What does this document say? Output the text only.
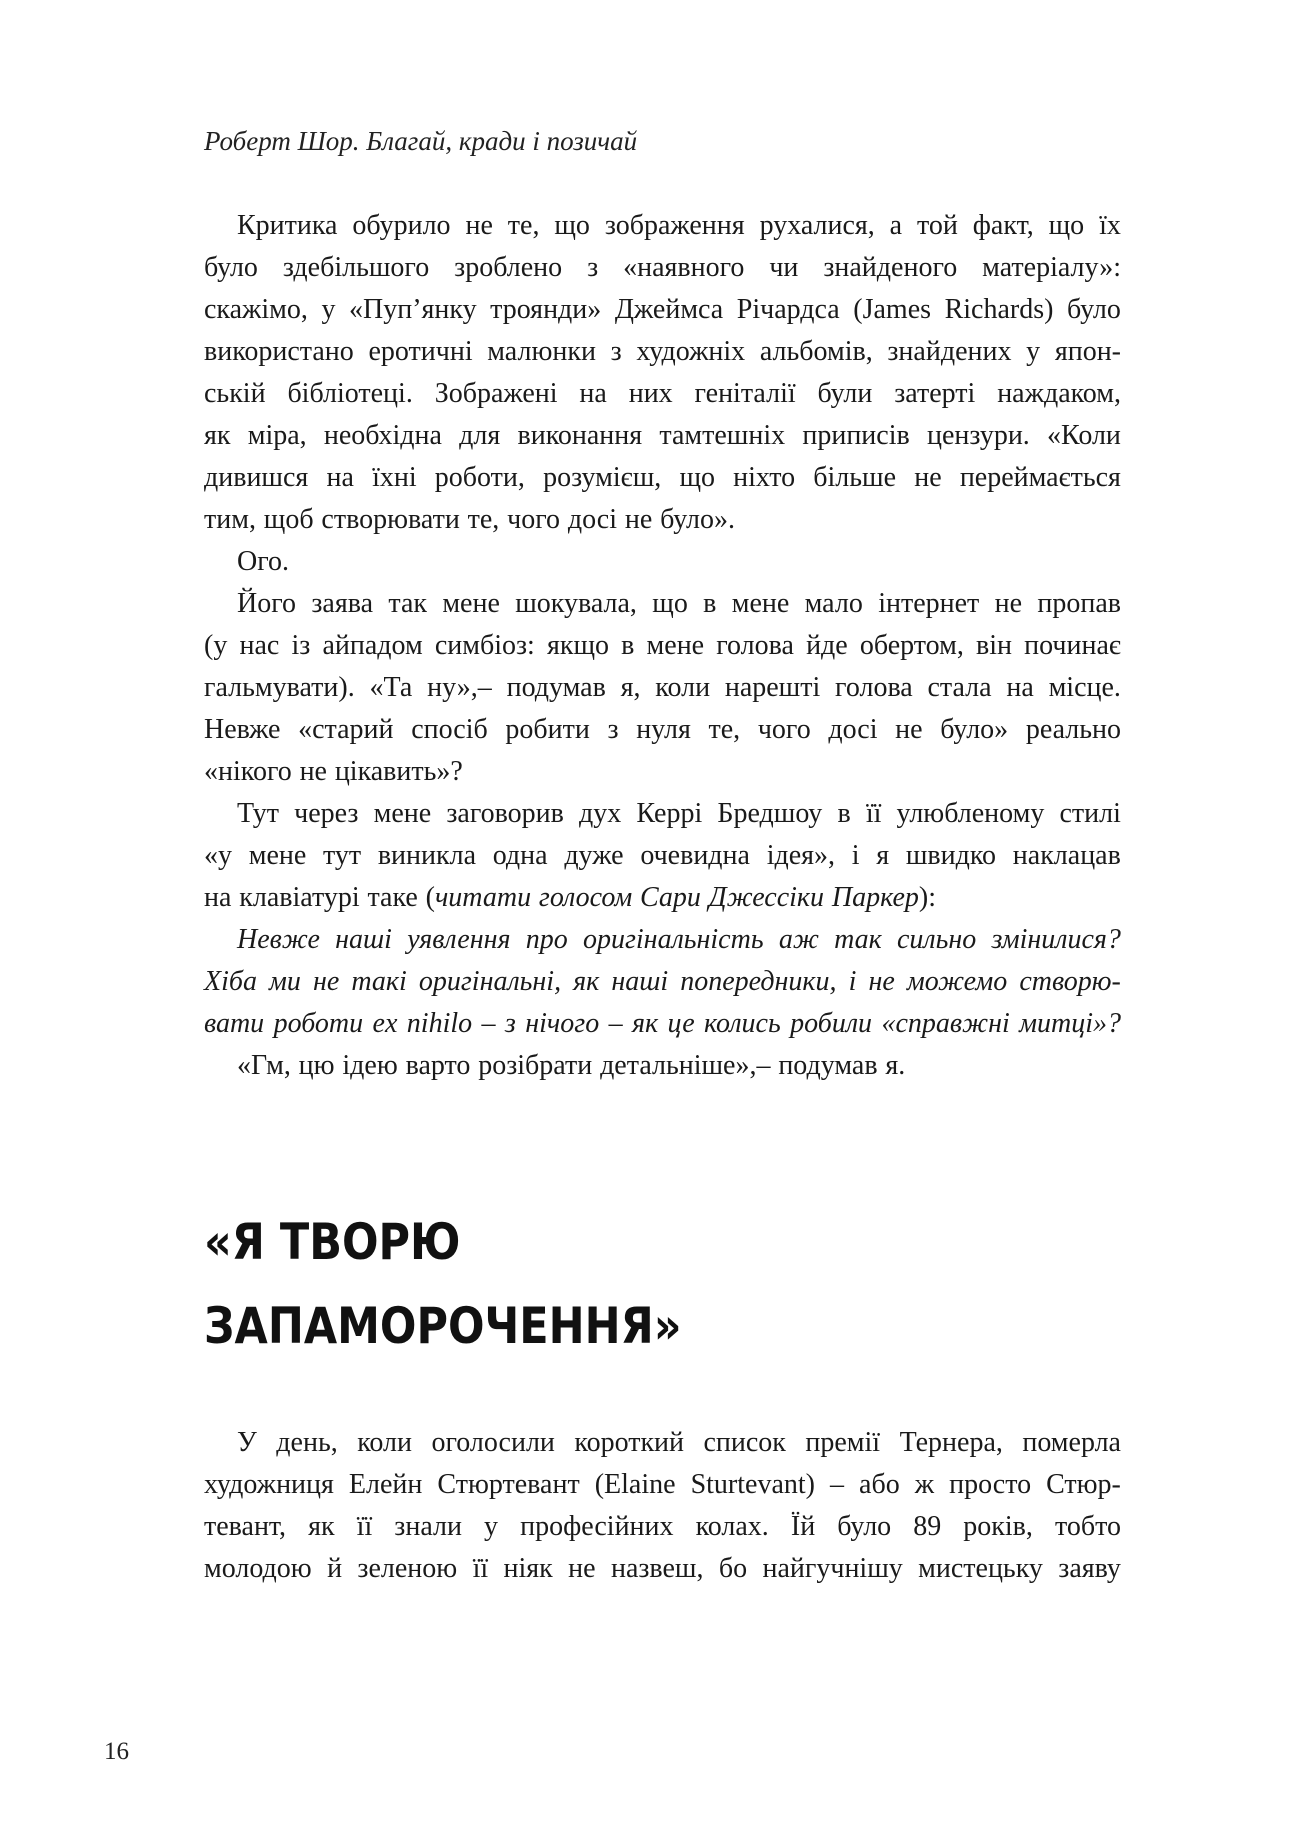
Роберт Шор. Благай, кради і позичай
Критика обурило не те, що зображення рухалися, а той факт, що їх
було здебільшого зроблено з «наявного чи знайденого матеріалу»:
скажімо, у «Пуп’янку троянди» Джеймса Річардса (James Richards) було
використано еротичні малюнки з художніх альбомів, знайдених у япон-
ській бібліотеці. Зображені на них геніталії були затерті наждаком,
як міра, необхідна для виконання тамтешніх приписів цензури. «Коли
дивишся на їхні роботи, розумієш, що ніхто більше не переймається
тим, щоб створювати те, чого досі не було».
Ого.
Його заява так мене шокувала, що в мене мало інтернет не пропав
(у нас із айпадом симбіоз: якщо в мене голова йде обертом, він починає
гальмувати). «Та ну»,– подумав я, коли нарешті голова стала на місце.
Невже «старий спосіб робити з нуля те, чого досі не було» реально
«нікого не цікавить»?
Тут через мене заговорив дух Керрі Бредшоу в її улюбленому стилі
«у мене тут виникла одна дуже очевидна ідея», і я швидко наклацав
на клавіатурі таке (читати голосом Сари Джессіки Паркер):
Невже наші уявлення про оригінальність аж так сильно змінилися?
Хіба ми не такі оригінальні, як наші попередники, і не можемо створю-
вати роботи ex nihilo – з нічого – як це колись робили «справжні митці»?
«Гм, цю ідею варто розібрати детальніше»,– подумав я.
«Я ТВОРЮ
ЗАПАМОРОЧЕННЯ»
У день, коли оголосили короткий список премії Тернера, померла
художниця Елейн Стюртевант (Elaine Sturtevant) – або ж просто Стюр-
тевант, як її знали у професійних колах. Їй було 89 років, тобто
молодою й зеленою її ніяк не назвеш, бо найгучнішу мистецьку заяву
16
